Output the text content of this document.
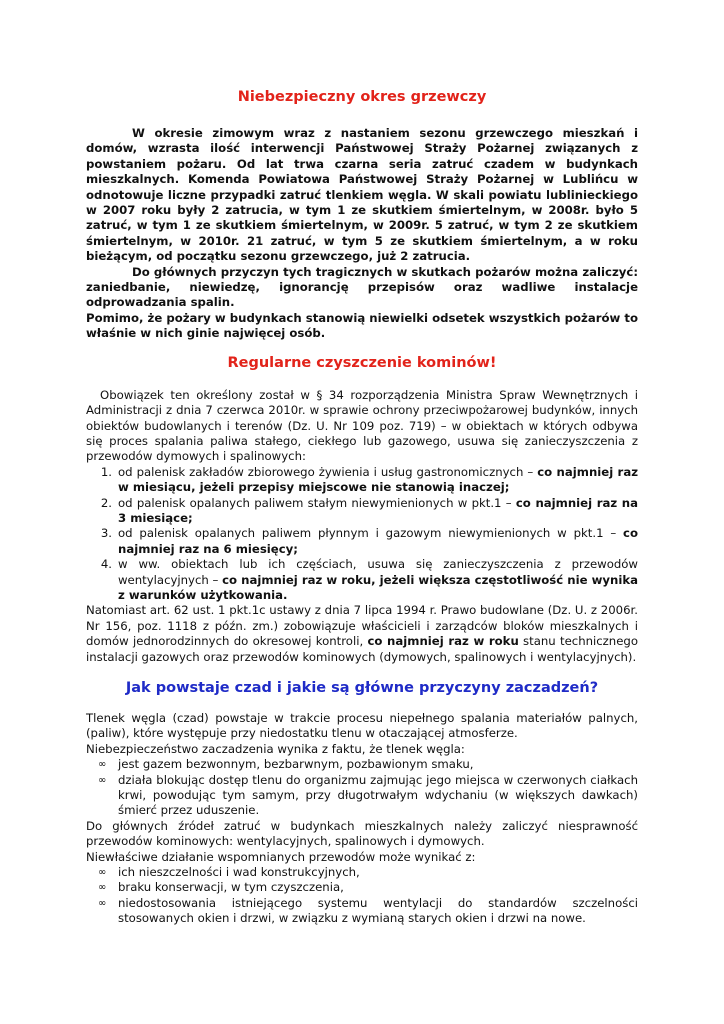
Niebezpieczny okres grzewczy

W okresie zimowym wraz z nastaniem sezonu grzewczego mieszkań i domów, wzrasta ilość interwencji Państwowej Straży Pożarnej związanych z powstaniem pożaru. Od lat trwa czarna seria zatruć czadem w budynkach mieszkalnych. Komenda Powiatowa Państwowej Straży Pożarnej w Lublińcu w odnotowuje liczne przypadki zatruć tlenkiem węgla. W skali powiatu lublinieckiego w 2007 roku były 2 zatrucia, w tym 1 ze skutkiem śmiertelnym, w 2008r. było 5 zatruć, w tym 1 ze skutkiem śmiertelnym, w 2009r. 5 zatruć, w tym 2 ze skutkiem śmiertelnym, w 2010r. 21 zatruć, w tym 5 ze skutkiem śmiertelnym, a w roku bieżącym, od początku sezonu grzewczego, już 2 zatrucia.

Do głównych przyczyn tych tragicznych w skutkach pożarów można zaliczyć: zaniedbanie, niewiedzę, ignorancję przepisów oraz wadliwe instalacje odprowadzania spalin.

Pomimo, że pożary w budynkach stanowią niewielki odsetek wszystkich pożarów to właśnie w nich ginie najwięcej osób.

Regularne czyszczenie kominów!

Obowiązek ten określony został w § 34 rozporządzenia Ministra Spraw Wewnętrznych i Administracji z dnia 7 czerwca 2010r. w sprawie ochrony przeciwpożarowej budynków, innych obiektów budowlanych i terenów (Dz. U. Nr 109 poz. 719) – w obiektach w których odbywa się proces spalania paliwa stałego, ciekłego lub gazowego, usuwa się zanieczyszczenia z przewodów dymowych i spalinowych:

1. od palenisk zakładów zbiorowego żywienia i usług gastronomicznych – co najmniej raz w miesiącu, jeżeli przepisy miejscowe nie stanowią inaczej;
2. od palenisk opalanych paliwem stałym niewymienionych w pkt.1 – co najmniej raz na 3 miesiące;
3. od palenisk opalanych paliwem płynnym i gazowym niewymienionych w pkt.1 – co najmniej raz na 6 miesięcy;
4. w ww. obiektach lub ich częściach, usuwa się zanieczyszczenia z przewodów wentylacyjnych – co najmniej raz w roku, jeżeli większa częstotliwość nie wynika z warunków użytkowania.

Natomiast art. 62 ust. 1 pkt.1c ustawy z dnia 7 lipca 1994 r. Prawo budowlane (Dz. U. z 2006r. Nr 156, poz. 1118 z późn. zm.) zobowiązuje właścicieli i zarządców bloków mieszkalnych i domów jednorodzinnych do okresowej kontroli, co najmniej raz w roku stanu technicznego instalacji gazowych oraz przewodów kominowych (dymowych, spalinowych i wentylacyjnych).

Jak powstaje czad i jakie są główne przyczyny zaczadzeń?

Tlenek węgla (czad) powstaje w trakcie procesu niepełnego spalania materiałów palnych, (paliw), które występuje przy niedostatku tlenu w otaczającej atmosferze.

Niebezpieczeństwo zaczadzenia wynika z faktu, że tlenek węgla:

∞ jest gazem bezwonnym, bezbarwnym, pozbawionym smaku,
∞ działa blokując dostęp tlenu do organizmu zajmując jego miejsca w czerwonych ciałkach krwi, powodując tym samym, przy długotrwałym wdychaniu (w większych dawkach) śmierć przez uduszenie.

Do głównych źródeł zatruć w budynkach mieszkalnych należy zaliczyć niesprawność przewodów kominowych: wentylacyjnych, spalinowych i dymowych.

Niewłaściwe działanie wspomnianych przewodów może wynikać z:

∞ ich nieszczelności i wad konstrukcyjnych,
∞ braku konserwacji, w tym czyszczenia,
∞ niedostosowania istniejącego systemu wentylacji do standardów szczelności stosowanych okien i drzwi, w związku z wymianą starych okien i drzwi na nowe.
